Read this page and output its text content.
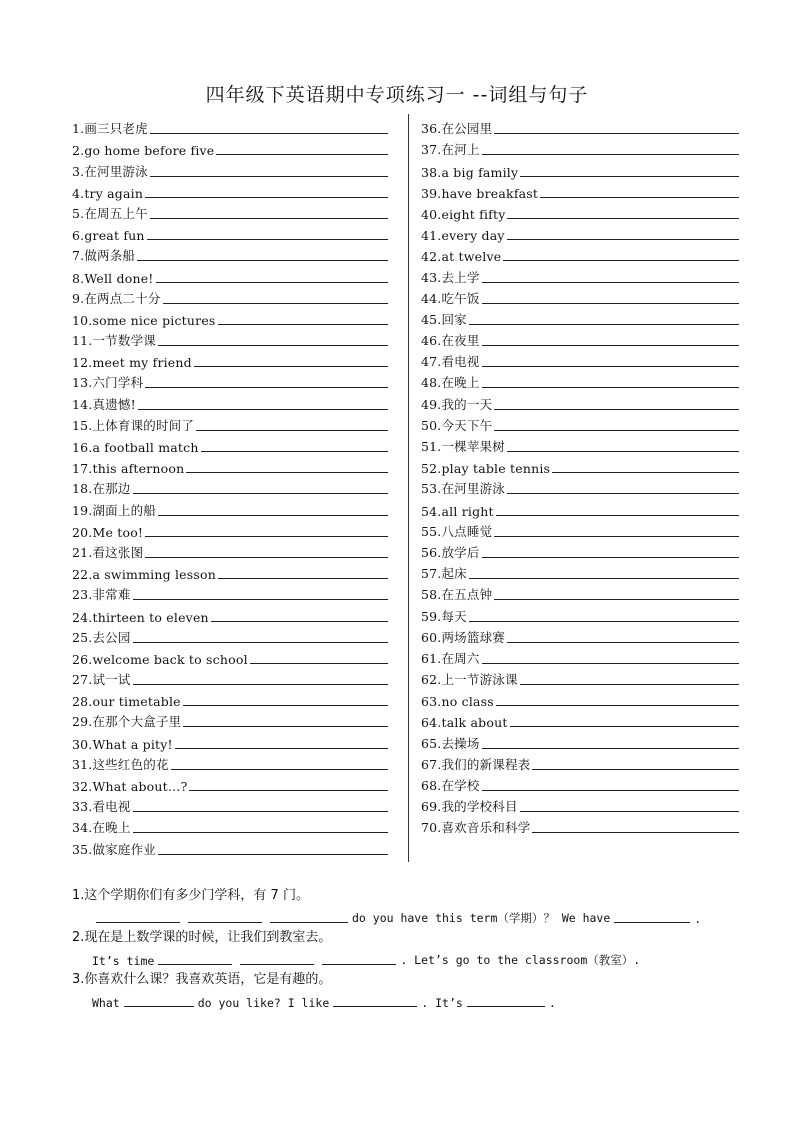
四年级下英语期中专项练习一 --词组与句子
1.画三只老虎
2.go home before five
3.在河里游泳
4.try again
5.在周五上午
6.great fun
7.做两条船
8.Well done!
9.在两点二十分
10.some nice pictures
11.一节数学课
12.meet my friend
13.六门学科
14.真遗憾!
15.上体育课的时间了
16.a football match
17.this afternoon
18.在那边
19.湖面上的船
20.Me too!
21.看这张图
22.a swimming lesson
23.非常难
24.thirteen to eleven
25.去公园
26.welcome back to school
27.试一试
28.our timetable
29.在那个大盒子里
30.What a pity!
31.这些红色的花
32.What about…?
33.看电视
34.在晚上
35.做家庭作业
36.在公园里
37.在河上
38.a big family
39.have breakfast
40.eight fifty
41.every day
42.at twelve
43.去上学
44.吃午饭
45.回家
46.在夜里
47.看电视
48.在晚上
49.我的一天
50.今天下午
51.一棵苹果树
52.play table tennis
53.在河里游泳
54.all right
55.八点睡觉
56.放学后
57.起床
58.在五点钟
59.每天
60.两场篮球赛
61.在周六
62.上一节游泳课
63.no class
64.talk about
65.去操场
67.我们的新课程表
68.在学校
69.我的学校科目
70.喜欢音乐和科学
1.这个学期你们有多少门学科，有 7 门。
do you have this term（学期）？ We have	.
2.现在是上数学课的时候，让我们到教室去。
It’s time	. Let’s go to the classroom（教室）.
3.你喜欢什么课？我喜欢英语，它是有趣的。
What	do you like? I like	. It’s	.
